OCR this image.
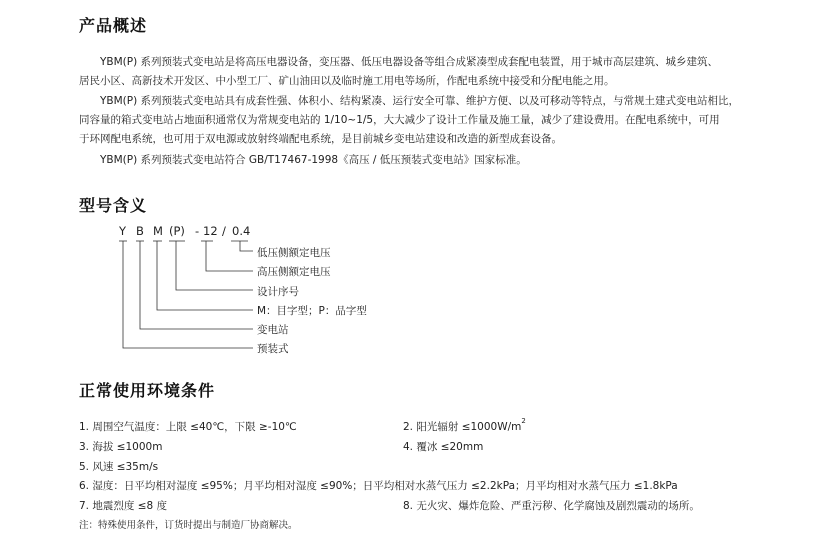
产品概述
YBM(P) 系列预装式变电站是将高压电器设备，变压器、低压电器设备等组合成紧凑型成套配电装置，用于城市高层建筑、城乡建筑、
居民小区、高新技术开发区、中小型工厂、矿山油田以及临时施工用电等场所，作配电系统中接受和分配电能之用。
YBM(P) 系列预装式变电站具有成套性强、体积小、结构紧凑、运行安全可靠、维护方便、以及可移动等特点，与常规土建式变电站相比，
同容量的箱式变电站占地面积通常仅为常规变电站的 1/10~1/5，大大减少了设计工作量及施工量，减少了建设费用。在配电系统中，可用
于环网配电系统，也可用于双电源或放射终端配电系统，是目前城乡变电站建设和改造的新型成套设备。
YBM(P) 系列预装式变电站符合 GB/T17467-1998《高压 / 低压预装式变电站》国家标准。
型号含义
Y B M (P) - 12 / 0.4
低压侧额定电压
高压侧额定电压
设计序号
M：目字型；P：品字型
变电站
预装式
正常使用环境条件
1. 周围空气温度：上限 ≤40℃，下限 ≥-10℃	2. 阳光辐射 $\le 1000W/m^2$
3. 海拔 ≤1000m	4. 覆冰 ≤20mm
5. 风速 ≤35m/s
6. 湿度：日平均相对湿度 ≤95%；月平均相对湿度 ≤90%；日平均相对水蒸气压力 ≤2.2kPa；月平均相对水蒸气压力 ≤1.8kPa
7. 地震烈度 ≤8 度	8. 无火灾、爆炸危险、严重污秽、化学腐蚀及剧烈震动的场所。
注：特殊使用条件，订货时提出与制造厂协商解决。
